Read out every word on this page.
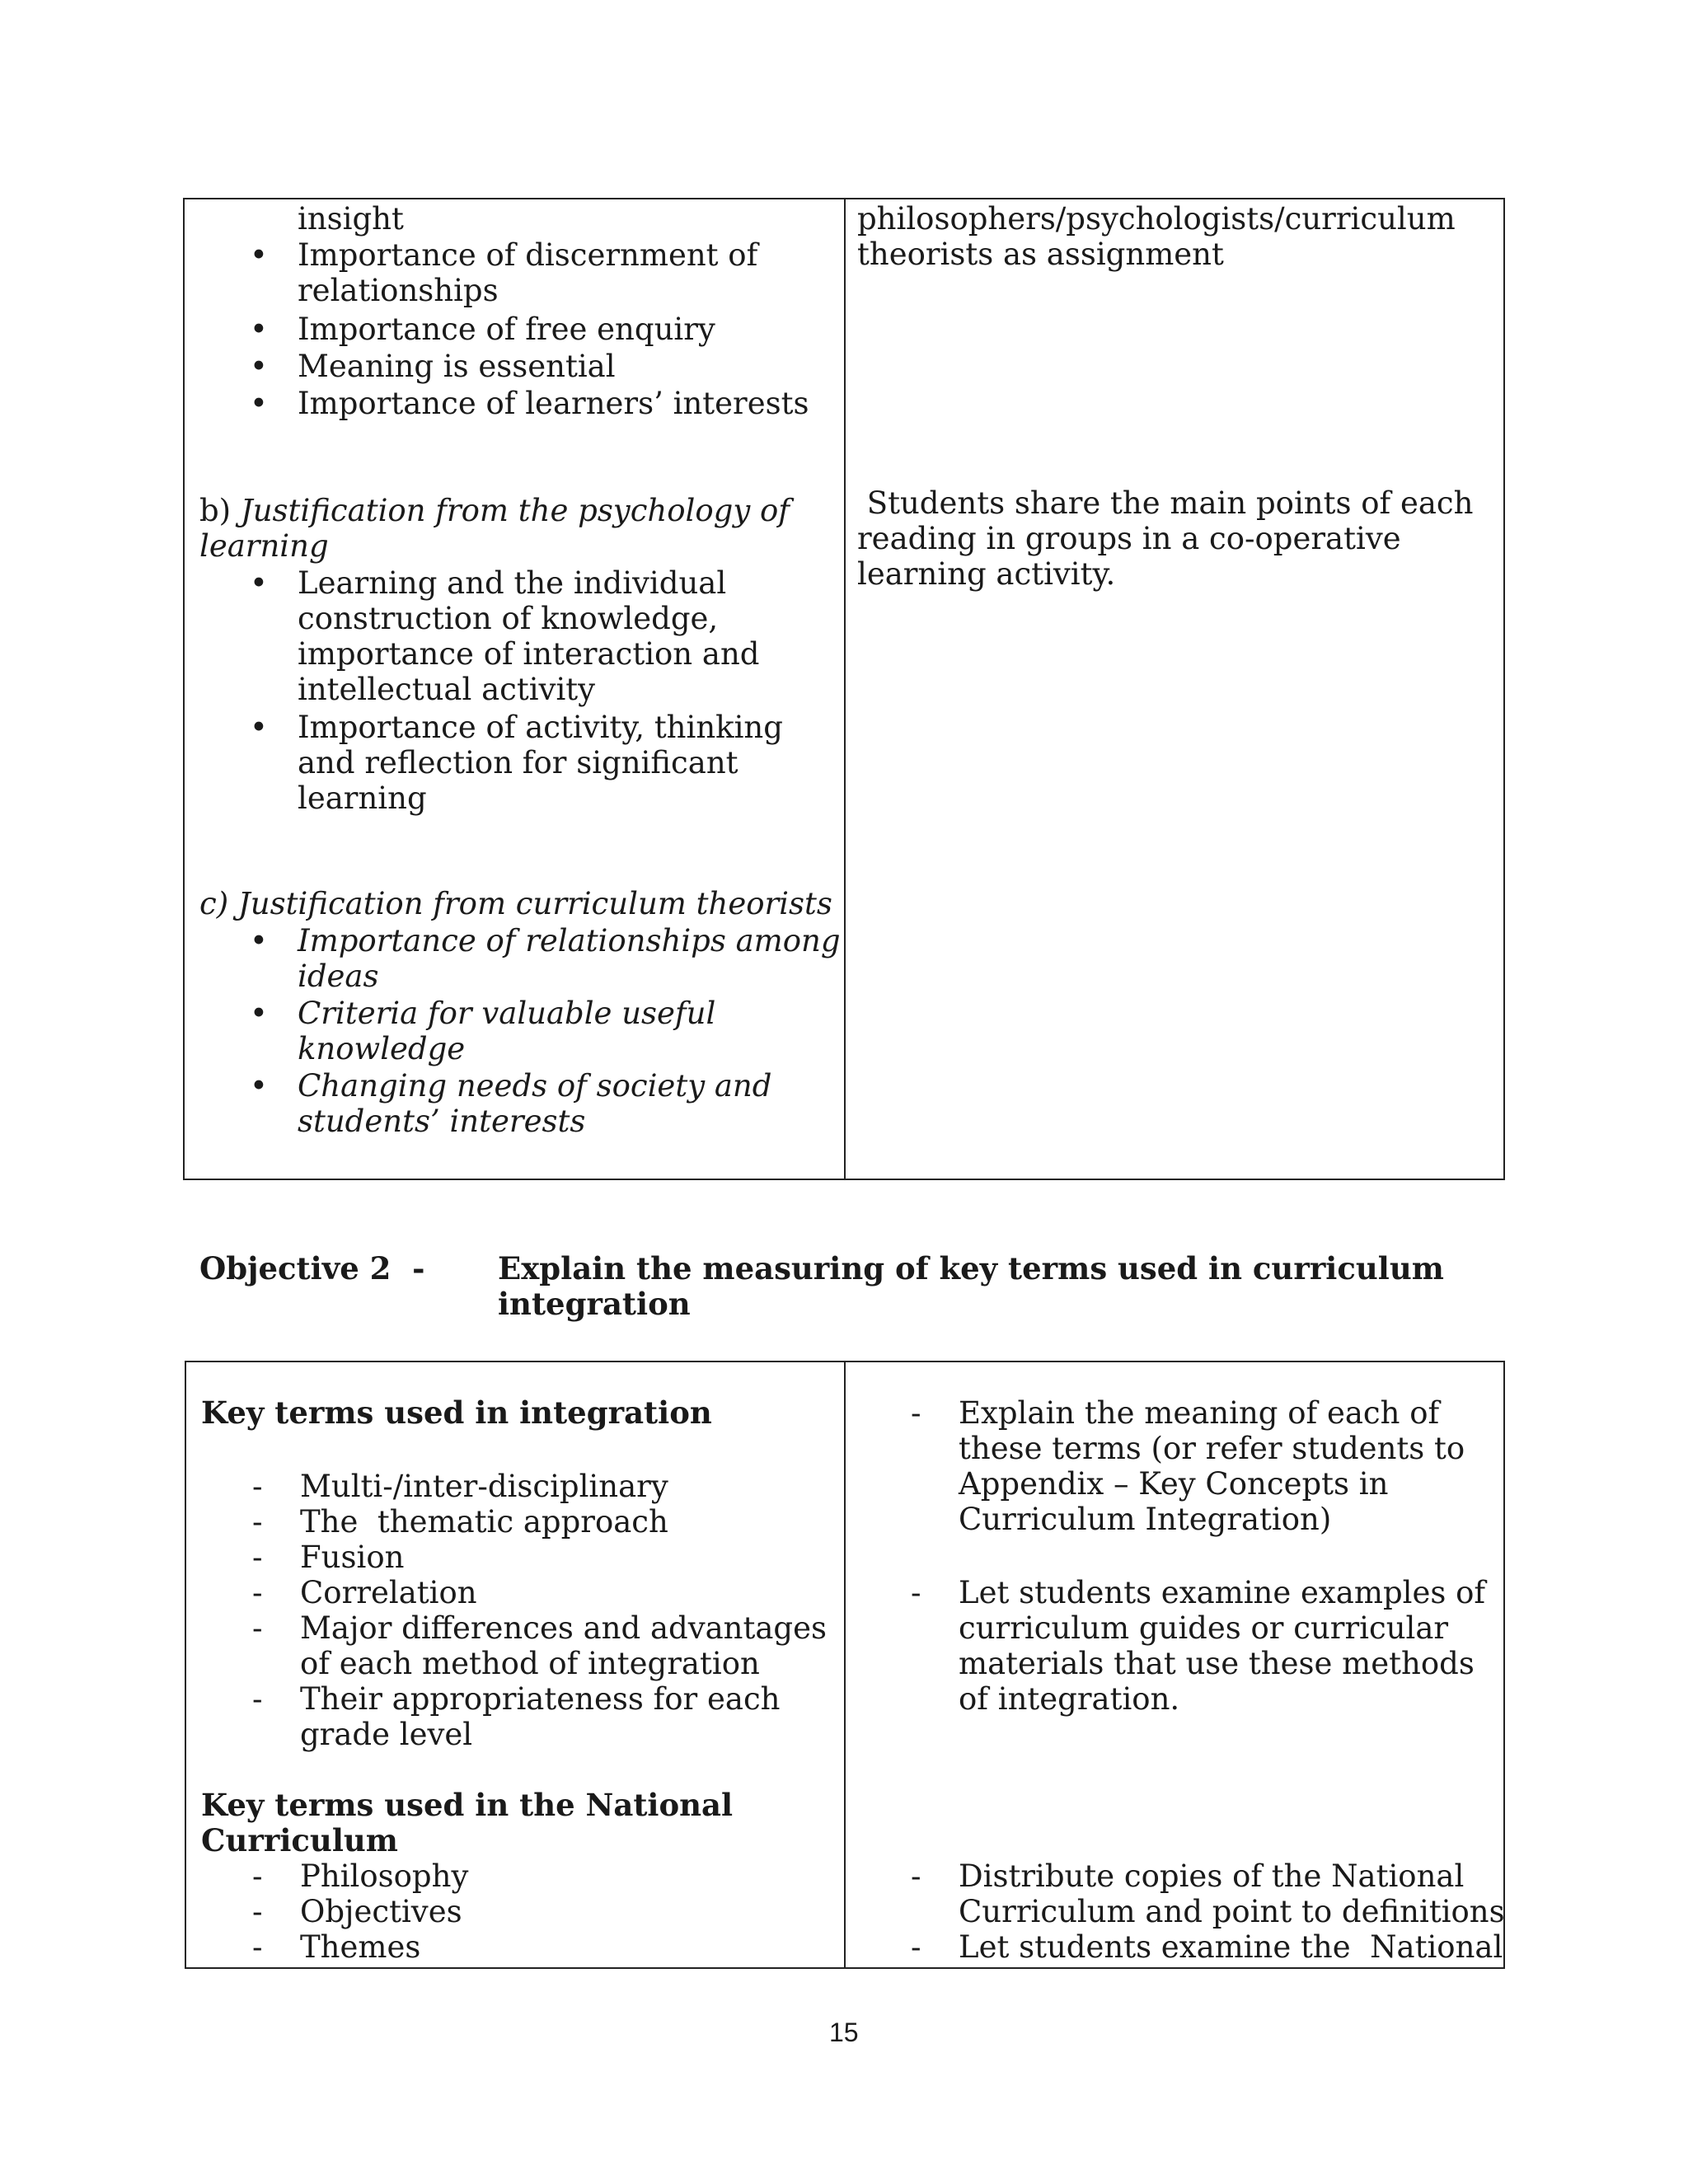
insight
• Importance of discernment of
relationships
• Importance of free enquiry
• Meaning is essential
• Importance of learners’ interests
b) Justification from the psychology of
learning
• Learning and the individual
construction of knowledge,
importance of interaction and
intellectual activity
• Importance of activity, thinking
and reflection for significant
learning
c) Justification from curriculum theorists
• Importance of relationships among
ideas
• Criteria for valuable useful
knowledge
• Changing needs of society and
students’ interests
philosophers/psychologists/curriculum
theorists as assignment
Students share the main points of each
reading in groups in a co-operative
learning activity.
Objective 2  - Explain the measuring of key terms used in curriculum
integration
Key terms used in integration
- Multi-/inter-disciplinary
- The  thematic approach
- Fusion
- Correlation
- Major differences and advantages
of each method of integration
- Their appropriateness for each
grade level
Key terms used in the National
Curriculum
- Philosophy
- Objectives
- Themes
- Explain the meaning of each of
these terms (or refer students to
Appendix – Key Concepts in
Curriculum Integration)
- Let students examine examples of
curriculum guides or curricular
materials that use these methods
of integration.
- Distribute copies of the National
Curriculum and point to definitions
- Let students examine the  National
15
